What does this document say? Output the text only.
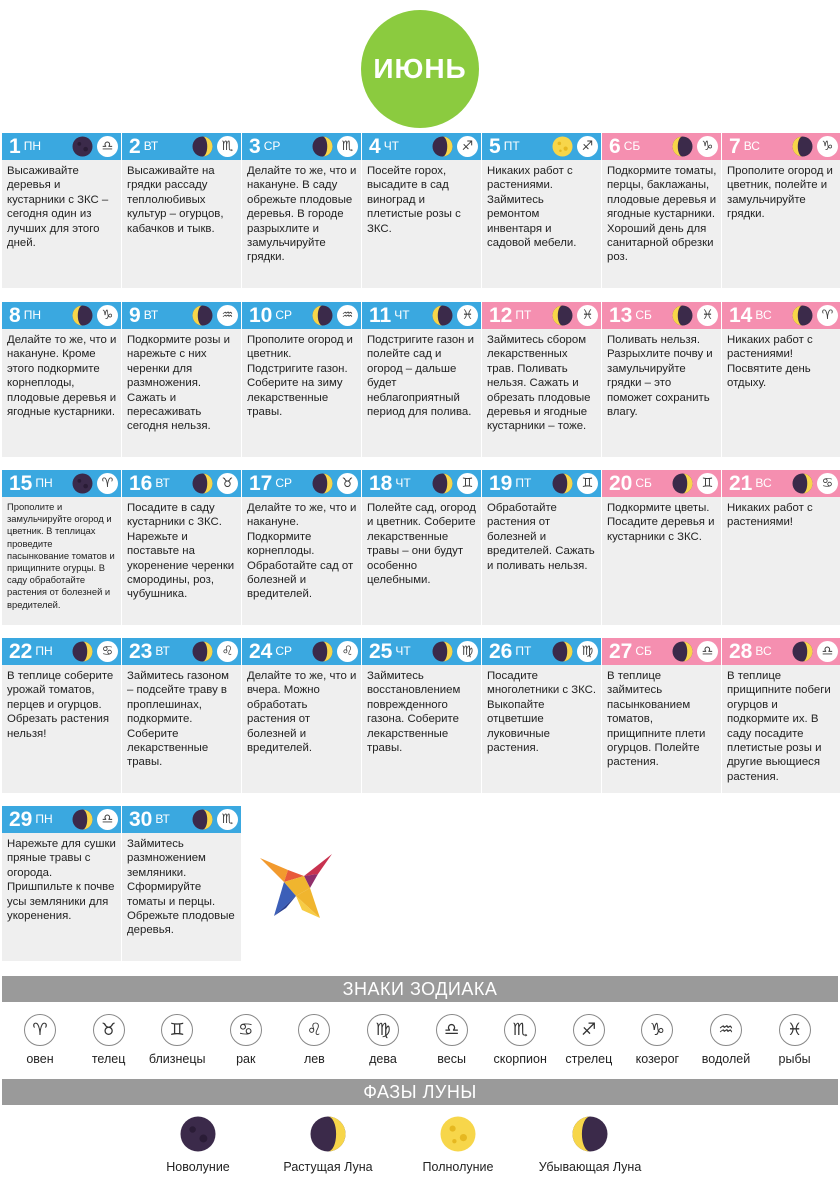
ИЮНЬ
1 ПН	♎
Высаживайте деревья и кустарники с ЗКС – сегодня один из лучших для этого дней.
2 ВТ	♏
Высаживайте на грядки рассаду теплолюбивых культур – огурцов, кабачков и тыкв.
3 СР	♏
Делайте то же, что и накануне. В саду обрежьте плодовые деревья. В городе разрыхлите и замульчируйте грядки.
4 ЧТ	♐
Посейте горох, высадите в сад виноград и плетистые розы с ЗКС.
5 ПТ	♐
Никаких работ с растениями. Займитесь ремонтом инвентаря и садовой мебели.
6 СБ	♑
Подкормите томаты, перцы, баклажаны, плодовые деревья и ягодные кустарники. Хороший день для санитарной обрезки роз.
7 ВС	♑
Прополите огород и цветник, полейте и замульчируйте грядки.
8 ПН	♑
Делайте то же, что и накануне. Кроме этого подкормите корнеплоды, плодовые деревья и ягодные кустарники.
9 ВТ	♒
Подкормите розы и нарежьте с них черенки для размножения. Сажать и пересаживать сегодня нельзя.
10 СР	♒
Прополите огород и цветник. Подстригите газон. Соберите на зиму лекарственные травы.
11 ЧТ	♓
Подстригите газон и полейте сад и огород – дальше будет неблагоприятный период для полива.
12 ПТ	♓
Займитесь сбором лекарственных трав. Поливать нельзя. Сажать и обрезать плодовые деревья и ягодные кустарники – тоже.
13 СБ	♓
Поливать нельзя. Разрыхлите почву и замульчируйте грядки – это поможет сохранить влагу.
14 ВС	♈
Никаких работ с растениями! Посвятите день отдыху.
15 ПН	♈
Прополите и замульчируйте огород и цветник. В теплицах проведите пасынкование томатов и прищипните огурцы. В саду обработайте растения от болезней и вредителей.
16 ВТ	♉
Посадите в саду кустарники с ЗКС. Нарежьте и поставьте на укоренение черенки смородины, роз, чубушника.
17 СР	♉
Делайте то же, что и накануне. Подкормите корнеплоды. Обработайте сад от болезней и вредителей.
18 ЧТ	♊
Полейте сад, огород и цветник. Соберите лекарственные травы – они будут особенно целебными.
19 ПТ	♊
Обработайте растения от болезней и вредителей. Сажать и поливать нельзя.
20 СБ	♊
Подкормите цветы. Посадите деревья и кустарники с ЗКС.
21 ВС	♋
Никаких работ с растениями!
22 ПН	♋
В теплице соберите урожай томатов, перцев и огурцов. Обрезать растения нельзя!
23 ВТ	♌
Займитесь газоном – подсейте траву в проплешинах, подкормите. Соберите лекарственные травы.
24 СР	♌
Делайте то же, что и вчера. Можно обработать растения от болезней и вредителей.
25 ЧТ	♍
Займитесь восстановлением поврежденного газона. Соберите лекарственные травы.
26 ПТ	♍
Посадите многолетники с ЗКС. Выкопайте отцветшие луковичные растения.
27 СБ	♎
В теплице займитесь пасынкованием томатов, прищипните плети огурцов. Полейте растения.
28 ВС	♎
В теплице прищипните побеги огурцов и подкормите их. В саду посадите плетистые розы и другие вьющиеся растения.
29 ПН	♎
Нарежьте для сушки пряные травы с огорода. Пришпильте к почве усы земляники для укоренения.
30 ВТ	♏
Займитесь размножением земляники. Сформируйте томаты и перцы. Обрежьте плодовые деревья.
ЗНАКИ ЗОДИАКА
♈
овен
♉
телец
♊
близнецы
♋
рак
♌
лев
♍
дева
♎
весы
♏
скорпион
♐
стрелец
♑
козерог
♒
водолей
♓
рыбы
ФАЗЫ ЛУНЫ
Новолуние	Растущая Луна	Полнолуние	Убывающая Луна
